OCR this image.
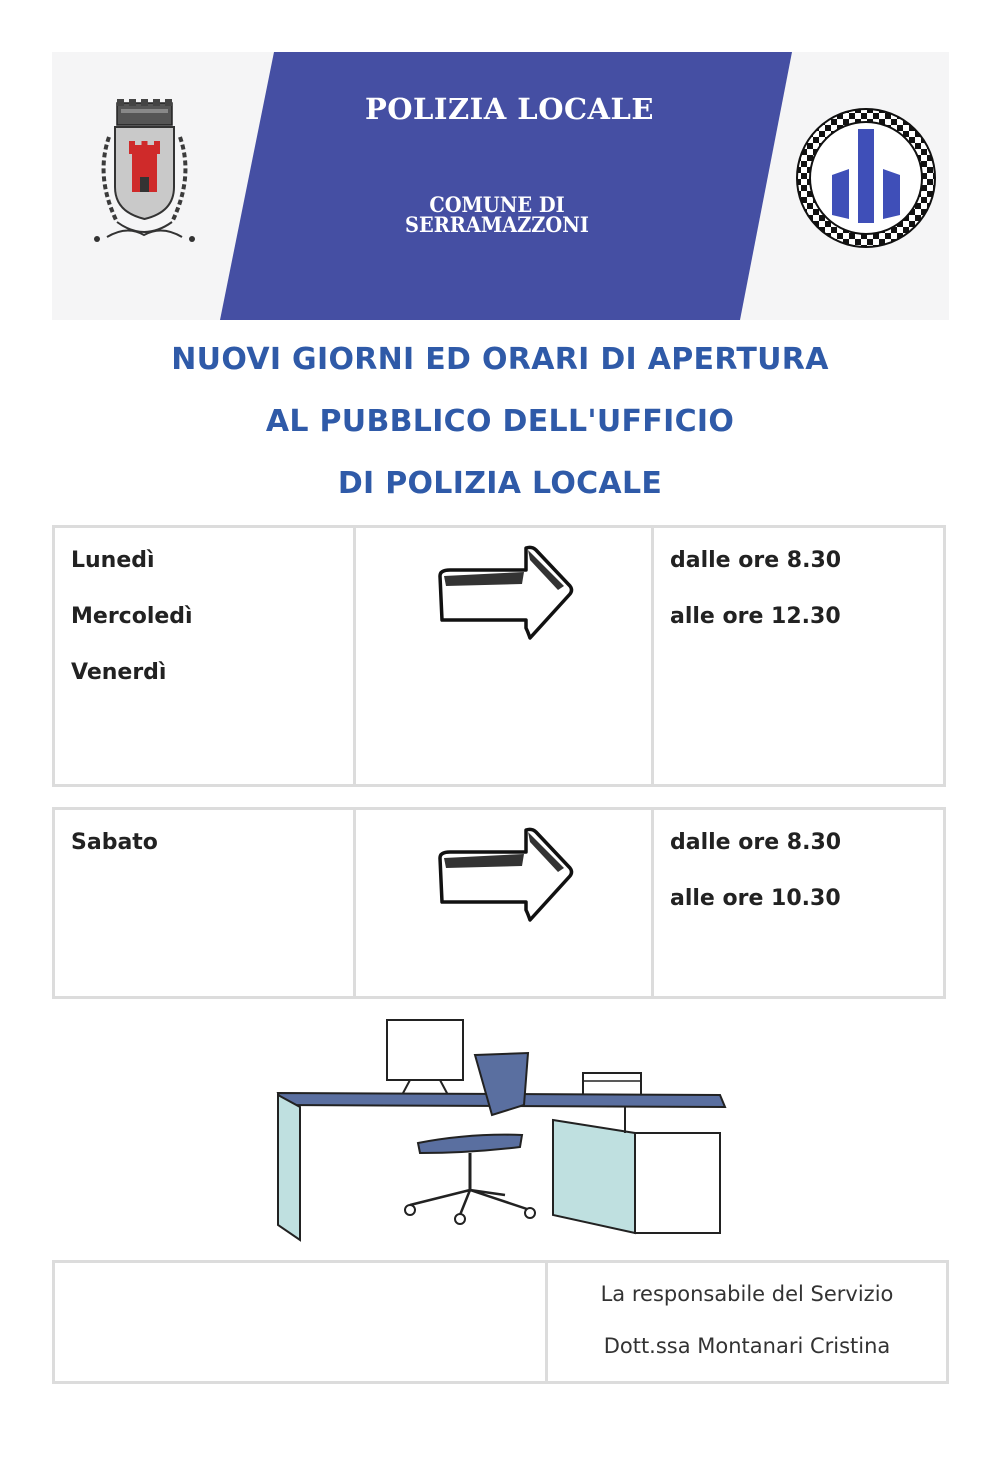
POLIZIA LOCALE
COMUNE DI
SERRAMAZZONI
NUOVI GIORNI ED ORARI DI APERTURA
AL PUBBLICO DELL'UFFICIO
DI POLIZIA LOCALE
Lunedì
Mercoledì
Venerdì
dalle ore 8.30
alle ore 12.30
Sabato	dalle ore 8.30
alle ore 10.30
La responsabile del Servizio
Dott.ssa Montanari Cristina
